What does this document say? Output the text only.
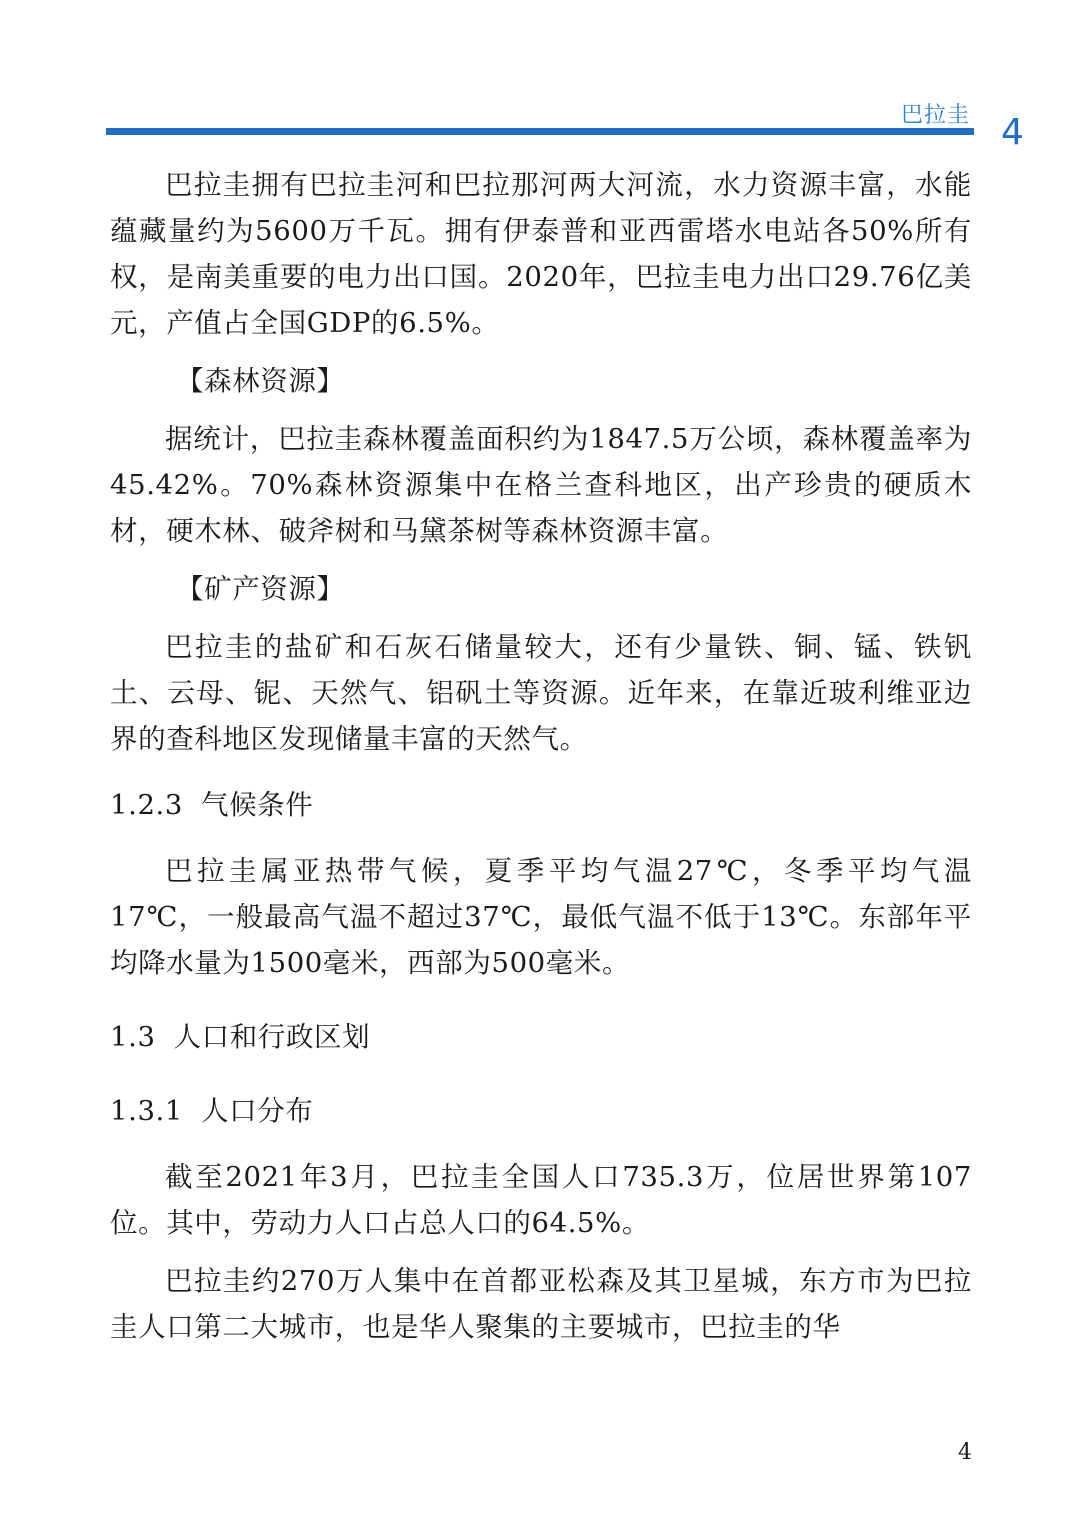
巴拉圭 4

巴拉圭拥有巴拉圭河和巴拉那河两大河流，水力资源丰富，水能蕴藏量约为5600万千瓦。拥有伊泰普和亚西雷塔水电站各50%所有权，是南美重要的电力出口国。2020年，巴拉圭电力出口29.76亿美元，产值占全国GDP的6.5%。

【森林资源】

据统计，巴拉圭森林覆盖面积约为1847.5万公顷，森林覆盖率为45.42%。70%森林资源集中在格兰查科地区，出产珍贵的硬质木材，硬木林、破斧树和马黛茶树等森林资源丰富。

【矿产资源】

巴拉圭的盐矿和石灰石储量较大，还有少量铁、铜、锰、铁钒土、云母、铌、天然气、铝矾土等资源。近年来，在靠近玻利维亚边界的查科地区发现储量丰富的天然气。

1.2.3 气候条件

巴拉圭属亚热带气候，夏季平均气温27℃，冬季平均气温17℃，一般最高气温不超过37℃，最低气温不低于13℃。东部年平均降水量为1500毫米，西部为500毫米。

1.3 人口和行政区划

1.3.1 人口分布

截至2021年3月，巴拉圭全国人口735.3万，位居世界第107位。其中，劳动力人口占总人口的64.5%。

巴拉圭约270万人集中在首都亚松森及其卫星城，东方市为巴拉圭人口第二大城市，也是华人聚集的主要城市，巴拉圭的华

4
